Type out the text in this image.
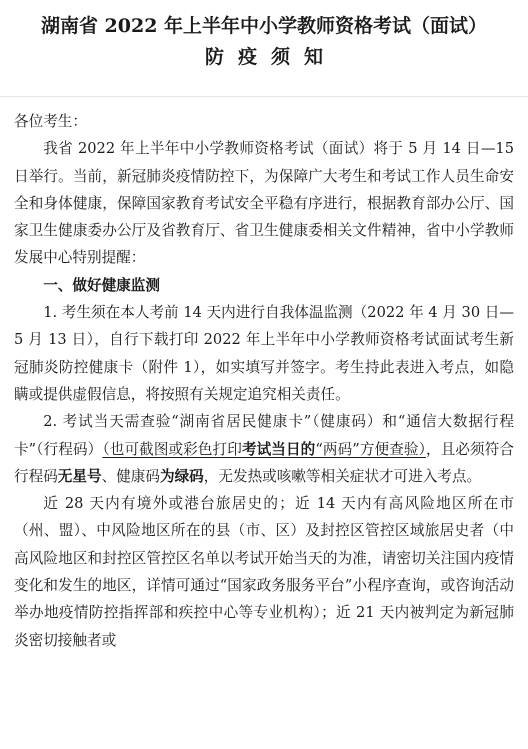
湖南省 2022 年上半年中小学教师资格考试（面试）
防疫须知

各位考生：

我省 2022 年上半年中小学教师资格考试（面试）将于 5 月 14 日—15 日举行。当前，新冠肺炎疫情防控下，为保障广大考生和考试工作人员生命安全和身体健康，保障国家教育考试安全平稳有序进行，根据教育部办公厅、国家卫生健康委办公厅及省教育厅、省卫生健康委相关文件精神，省中小学教师发展中心特别提醒：

一、做好健康监测

1. 考生须在本人考前 14 天内进行自我体温监测（2022 年 4 月 30 日—5 月 13 日），自行下载打印 2022 年上半年中小学教师资格考试面试考生新冠肺炎防控健康卡（附件 1），如实填写并签字。考生持此表进入考点，如隐瞒或提供虚假信息，将按照有关规定追究相关责任。

2. 考试当天需查验“湖南省居民健康卡”（健康码）和“通信大数据行程卡”（行程码）（也可截图或彩色打印考试当日的“两码”方便查验），且必须符合行程码无星号、健康码为绿码，无发热或咳嗽等相关症状才可进入考点。

近 28 天内有境外或港台旅居史的；近 14 天内有高风险地区所在市（州、盟）、中风险地区所在的县（市、区）及封控区管控区域旅居史者（中高风险地区和封控区管控区名单以考试开始当天的为准，请密切关注国内疫情变化和发生的地区，详情可通过“国家政务服务平台”小程序查询，或咨询活动举办地疫情防控指挥部和疾控中心等专业机构）；近 21 天内被判定为新冠肺炎密切接触者或
